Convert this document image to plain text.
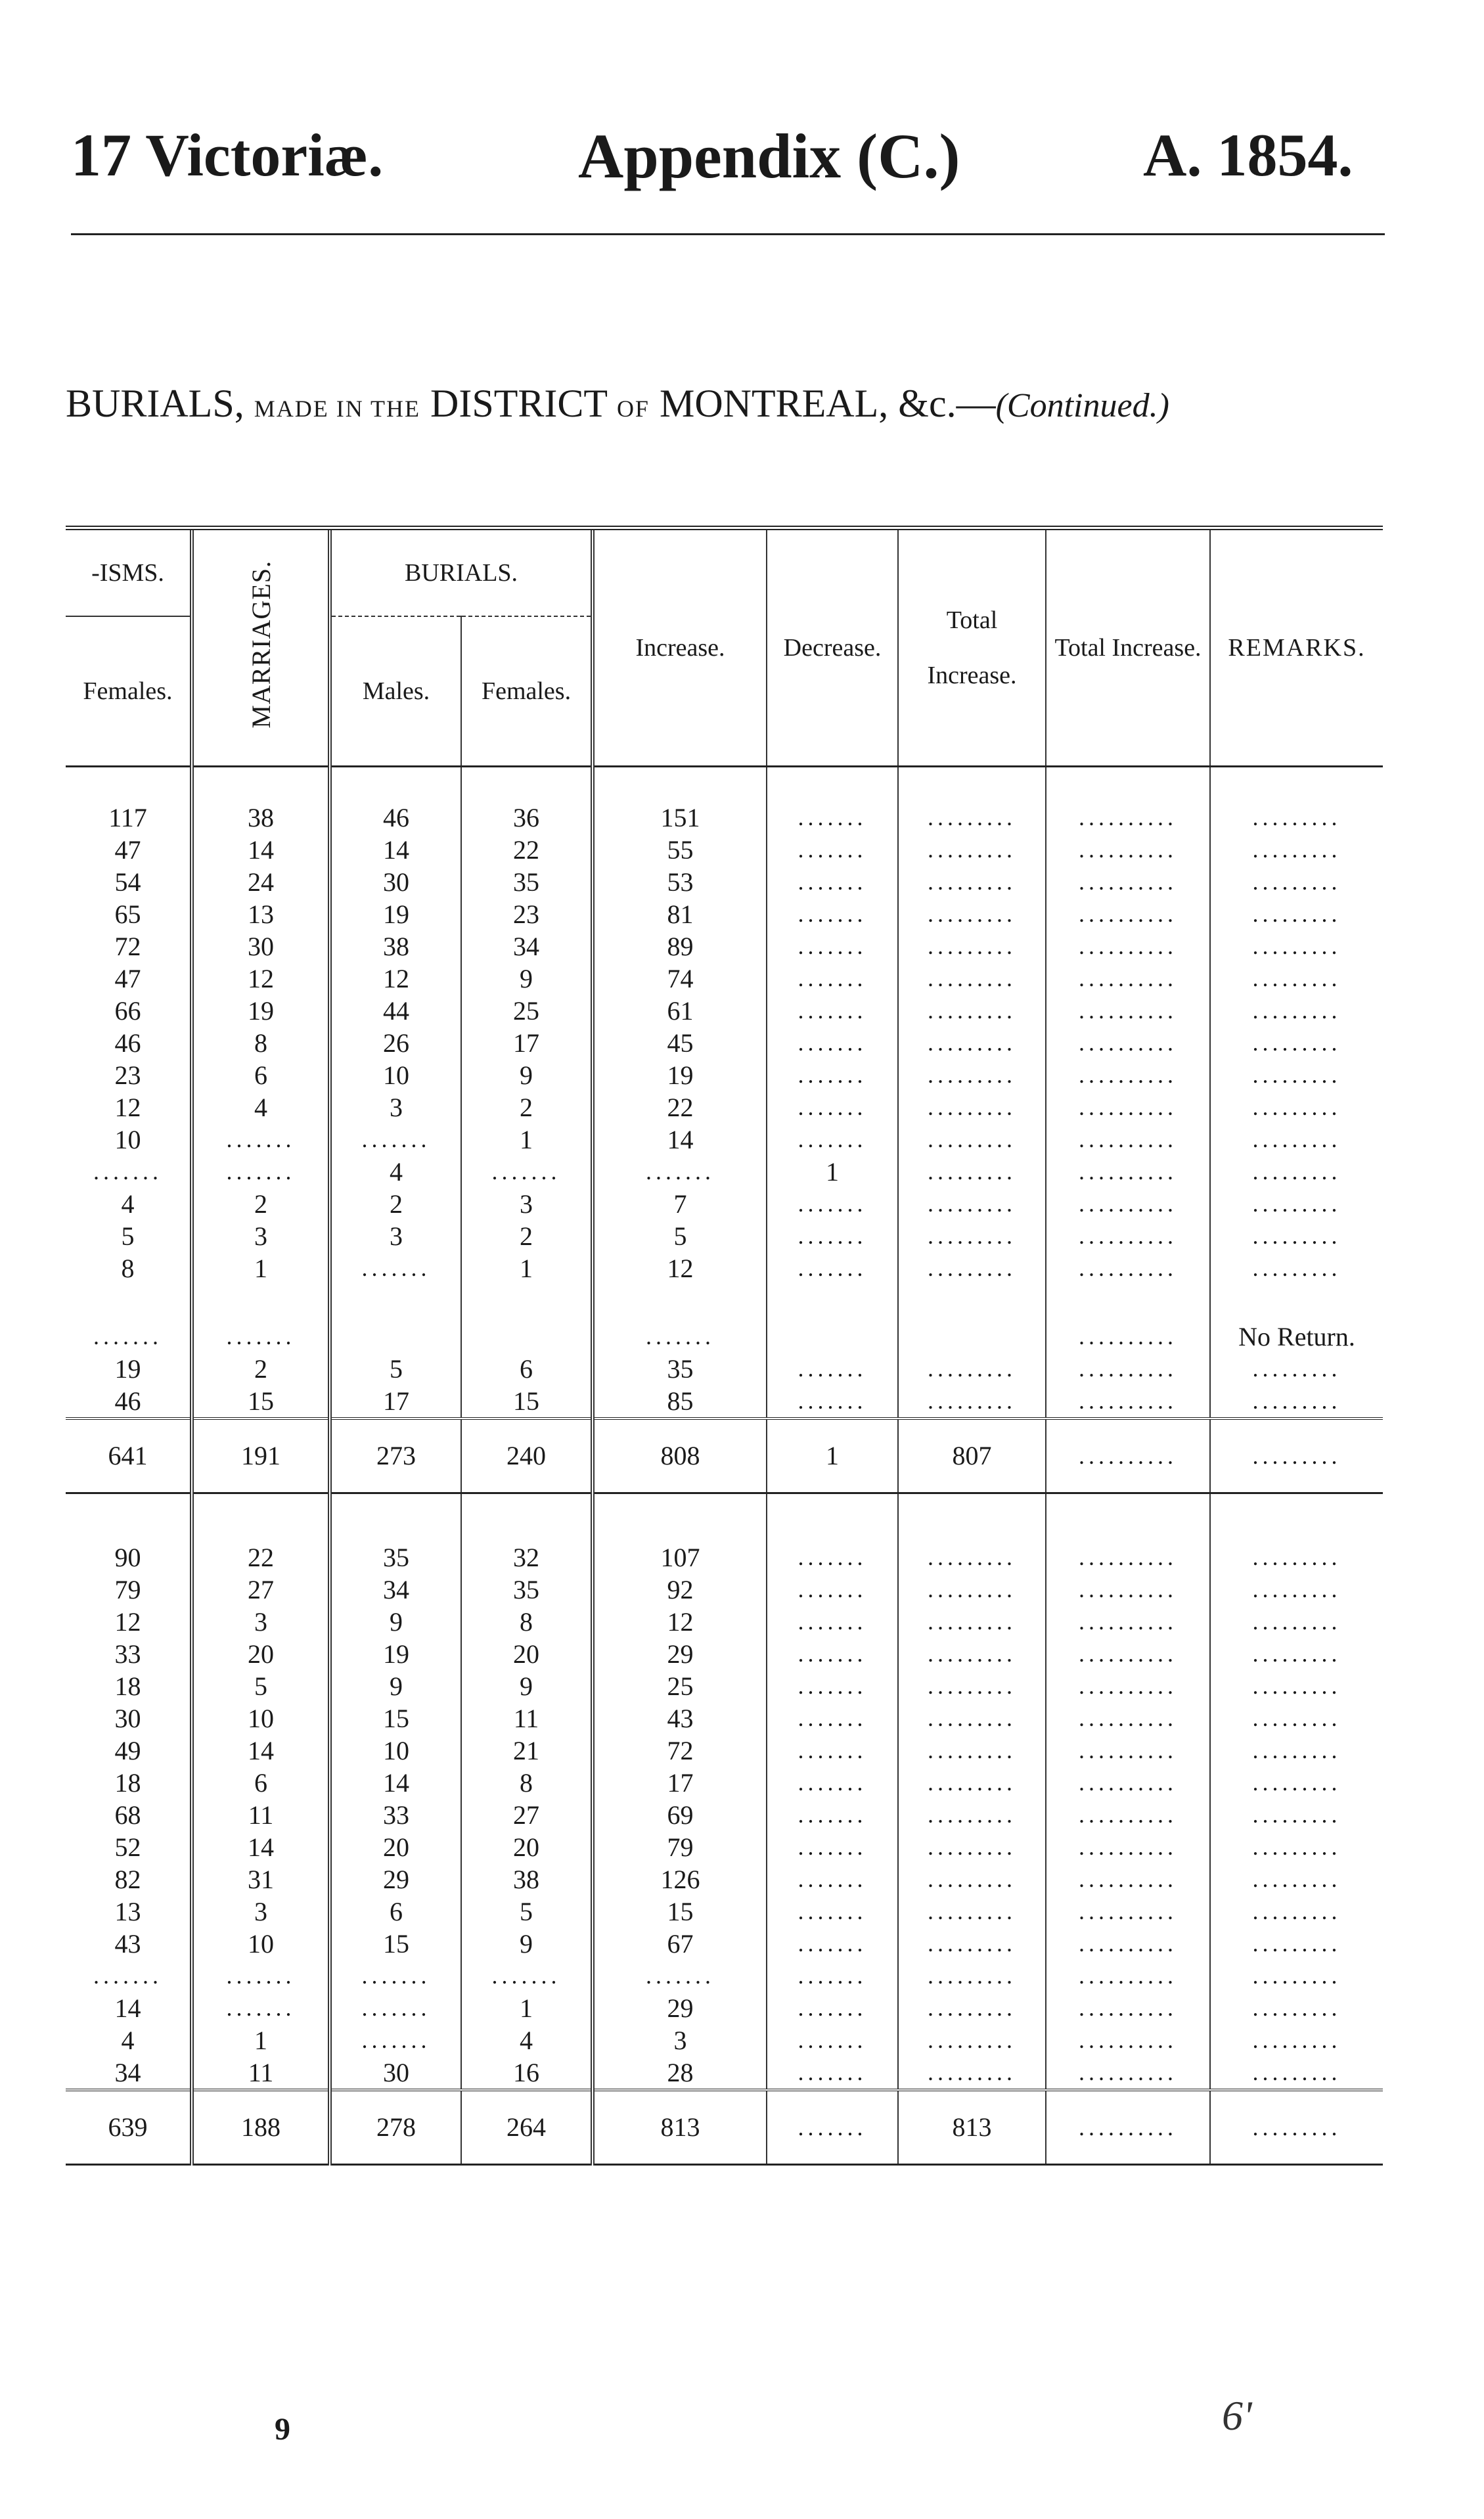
17 Victoriæ.	Appendix (C.)	A. 1854.
BURIALS, MADE IN THE DISTRICT OF MONTREAL, &c.—(Continued.)
-ISMS.	MARRIAGES.	BURIALS.		Increase.	Decrease.	Total Increase.	Total Increase.	REMARKS.
Females.		Males.	Females.					
117	38	46	36	151	.......	.........	..........	.........
47	14	14	22	55	.......	.........	..........	.........
54	24	30	35	53	.......	.........	..........	.........
65	13	19	23	81	.......	.........	..........	.........
72	30	38	34	89	.......	.........	..........	.........
47	12	12	9	74	.......	.........	..........	.........
66	19	44	25	61	.......	.........	..........	.........
46	8	26	17	45	.......	.........	..........	.........
23	6	10	9	19	.......	.........	..........	.........
12	4	3	2	22	.......	.........	..........	.........
10	.......	.......	1	14	.......	.........	..........	.........
.......	.......	4	.......	.......	1	.........	..........	.........
4	2	2	3	7	.......	.........	..........	.........
5	3	3	2	5	.......	.........	..........	.........
8	1	.......	1	12	.......	.........	..........	.........

.......	.......			.......			..........	No Return.
19	2	5	6	35	.......	.........	..........	.........
46	15	17	15	85	.......	.........	..........	.........
641	191	273	240	808	1	807	..........	.........

90	22	35	32	107	.......	.........	..........	.........
79	27	34	35	92	.......	.........	..........	.........
12	3	9	8	12	.......	.........	..........	.........
33	20	19	20	29	.......	.........	..........	.........
18	5	9	9	25	.......	.........	..........	.........
30	10	15	11	43	.......	.........	..........	.........
49	14	10	21	72	.......	.........	..........	.........
18	6	14	8	17	.......	.........	..........	.........
68	11	33	27	69	.......	.........	..........	.........
52	14	20	20	79	.......	.........	..........	.........
82	31	29	38	126	.......	.........	..........	.........
13	3	6	5	15	.......	.........	..........	.........
43	10	15	9	67	.......	.........	..........	.........
.......	.......	.......	.......	.......	.......	.........	..........	.........
14	.......	.......	1	29	.......	.........	..........	.........
4	1	.......	4	3	.......	.........	..........	.........
34	11	30	16	28	.......	.........	..........	.........
639	188	278	264	813	.......	813	..........	.........
9	6'
